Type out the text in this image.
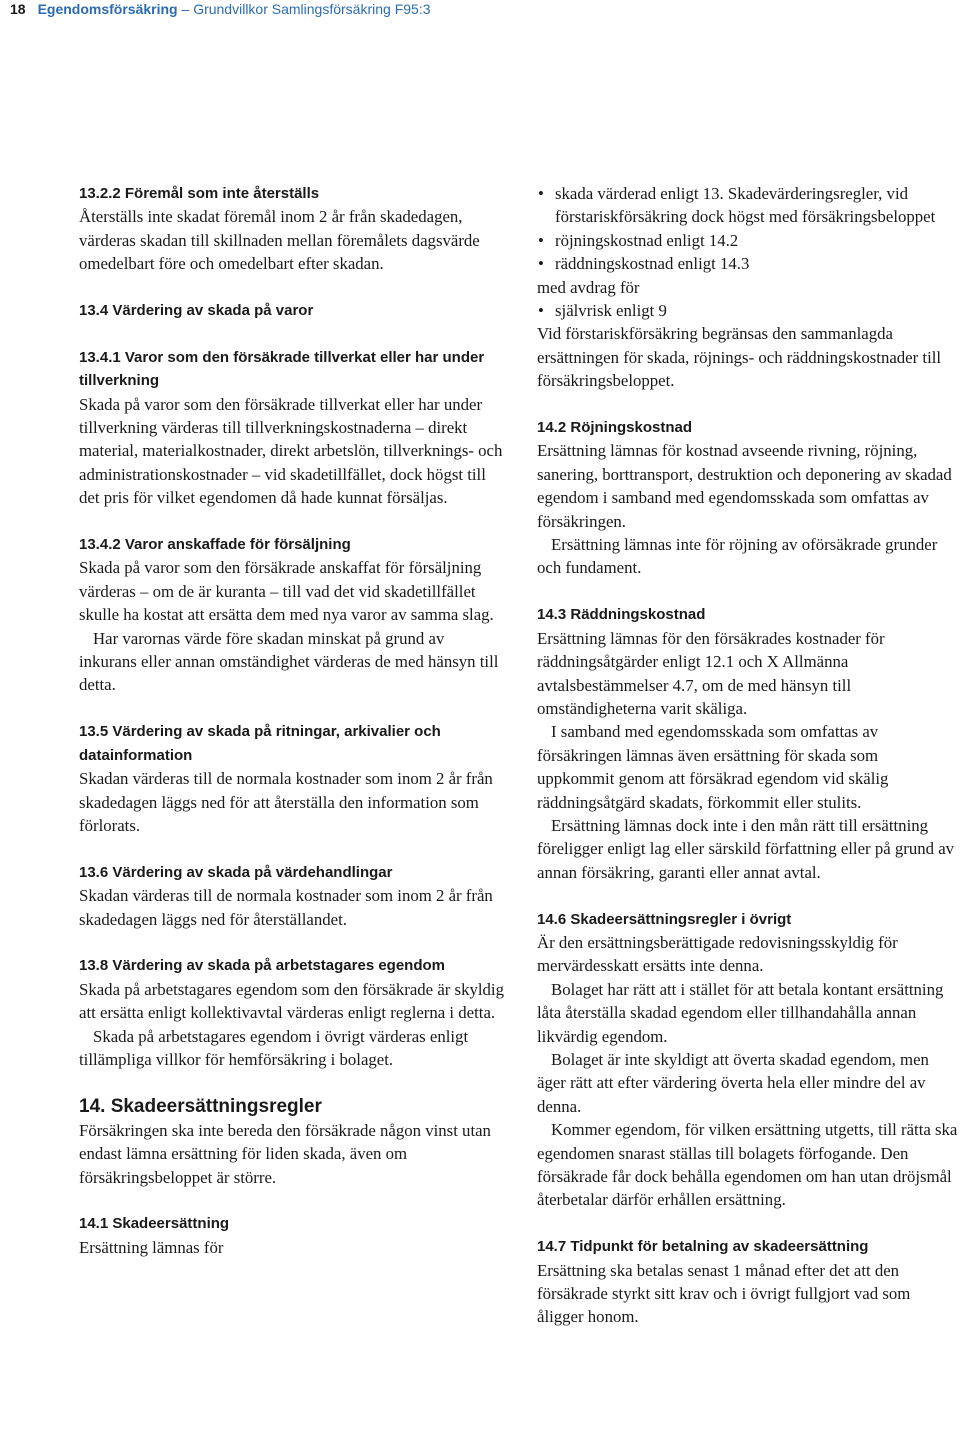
18 Egendomsförsäkring – Grundvillkor Samlingsförsäkring F95:3
13.2.2 Föremål som inte återställs

Återställs inte skadat föremål inom 2 år från skadedagen, värderas skadan till skillnaden mellan föremålets dagsvärde omedelbart före och omedelbart efter skadan.

13.4 Värdering av skada på varor
13.4.1 Varor som den försäkrade tillverkat eller har under tillverkning

Skada på varor som den försäkrade tillverkat eller har under tillverkning värderas till tillverkningskostnaderna – direkt material, materialkostnader, direkt arbetslön, tillverknings- och administrationskostnader – vid skadetillfället, dock högst till det pris för vilket egendomen då hade kunnat försäljas.

13.4.2 Varor anskaffade för försäljning

Skada på varor som den försäkrade anskaffat för försäljning värderas – om de är kuranta – till vad det vid skadetillfället skulle ha kostat att ersätta dem med nya varor av samma slag.

Har varornas värde före skadan minskat på grund av inkurans eller annan omständighet värderas de med hänsyn till detta.

13.5 Värdering av skada på ritningar, arkivalier och datainformation

Skadan värderas till de normala kostnader som inom 2 år från skadedagen läggs ned för att återställa den information som förlorats.

13.6 Värdering av skada på värdehandlingar

Skadan värderas till de normala kostnader som inom 2 år från skadedagen läggs ned för återställandet.

13.8 Värdering av skada på arbetstagares egendom

Skada på arbetstagares egendom som den försäkrade är skyldig att ersätta enligt kollektivavtal värderas enligt reglerna i detta.

Skada på arbetstagares egendom i övrigt värderas enligt tillämpliga villkor för hemförsäkring i bolaget.

14. Skadeersättningsregler

Försäkringen ska inte bereda den försäkrade någon vinst utan endast lämna ersättning för liden skada, även om försäkringsbeloppet är större.

14.1 Skadeersättning

Ersättning lämnas för

• skada värderad enligt 13. Skadevärderingsregler, vid förstariskförsäkring dock högst med försäkringsbeloppet
• röjningskostnad enligt 14.2
• räddningskostnad enligt 14.3

med avdrag för

• självrisk enligt 9

Vid förstariskförsäkring begränsas den sammanlagda ersättningen för skada, röjnings- och räddningskostnader till försäkringsbeloppet.

14.2 Röjningskostnad

Ersättning lämnas för kostnad avseende rivning, röjning, sanering, borttransport, destruktion och deponering av skadad egendom i samband med egendomsskada som omfattas av försäkringen.

Ersättning lämnas inte för röjning av oförsäkrade grunder och fundament.

14.3 Räddningskostnad

Ersättning lämnas för den försäkrades kostnader för räddningsåtgärder enligt 12.1 och X Allmänna avtalsbestämmelser 4.7, om de med hänsyn till omständigheterna varit skäliga.

I samband med egendomsskada som omfattas av försäkringen lämnas även ersättning för skada som uppkommit genom att försäkrad egendom vid skälig räddningsåtgärd skadats, förkommit eller stulits.

Ersättning lämnas dock inte i den mån rätt till ersättning föreligger enligt lag eller särskild författning eller på grund av annan försäkring, garanti eller annat avtal.

14.6 Skadeersättningsregler i övrigt

Är den ersättningsberättigade redovisningsskyldig för mervärdesskatt ersätts inte denna.

Bolaget har rätt att i stället för att betala kontant ersättning låta återställa skadad egendom eller tillhandahålla annan likvärdig egendom.

Bolaget är inte skyldigt att överta skadad egendom, men äger rätt att efter värdering överta hela eller mindre del av denna.

Kommer egendom, för vilken ersättning utgetts, till rätta ska egendomen snarast ställas till bolagets förfogande. Den försäkrade får dock behålla egendomen om han utan dröjsmål återbetalar därför erhållen ersättning.

14.7 Tidpunkt för betalning av skadeersättning

Ersättning ska betalas senast 1 månad efter det att den försäkrade styrkt sitt krav och i övrigt fullgjort vad som åligger honom.
